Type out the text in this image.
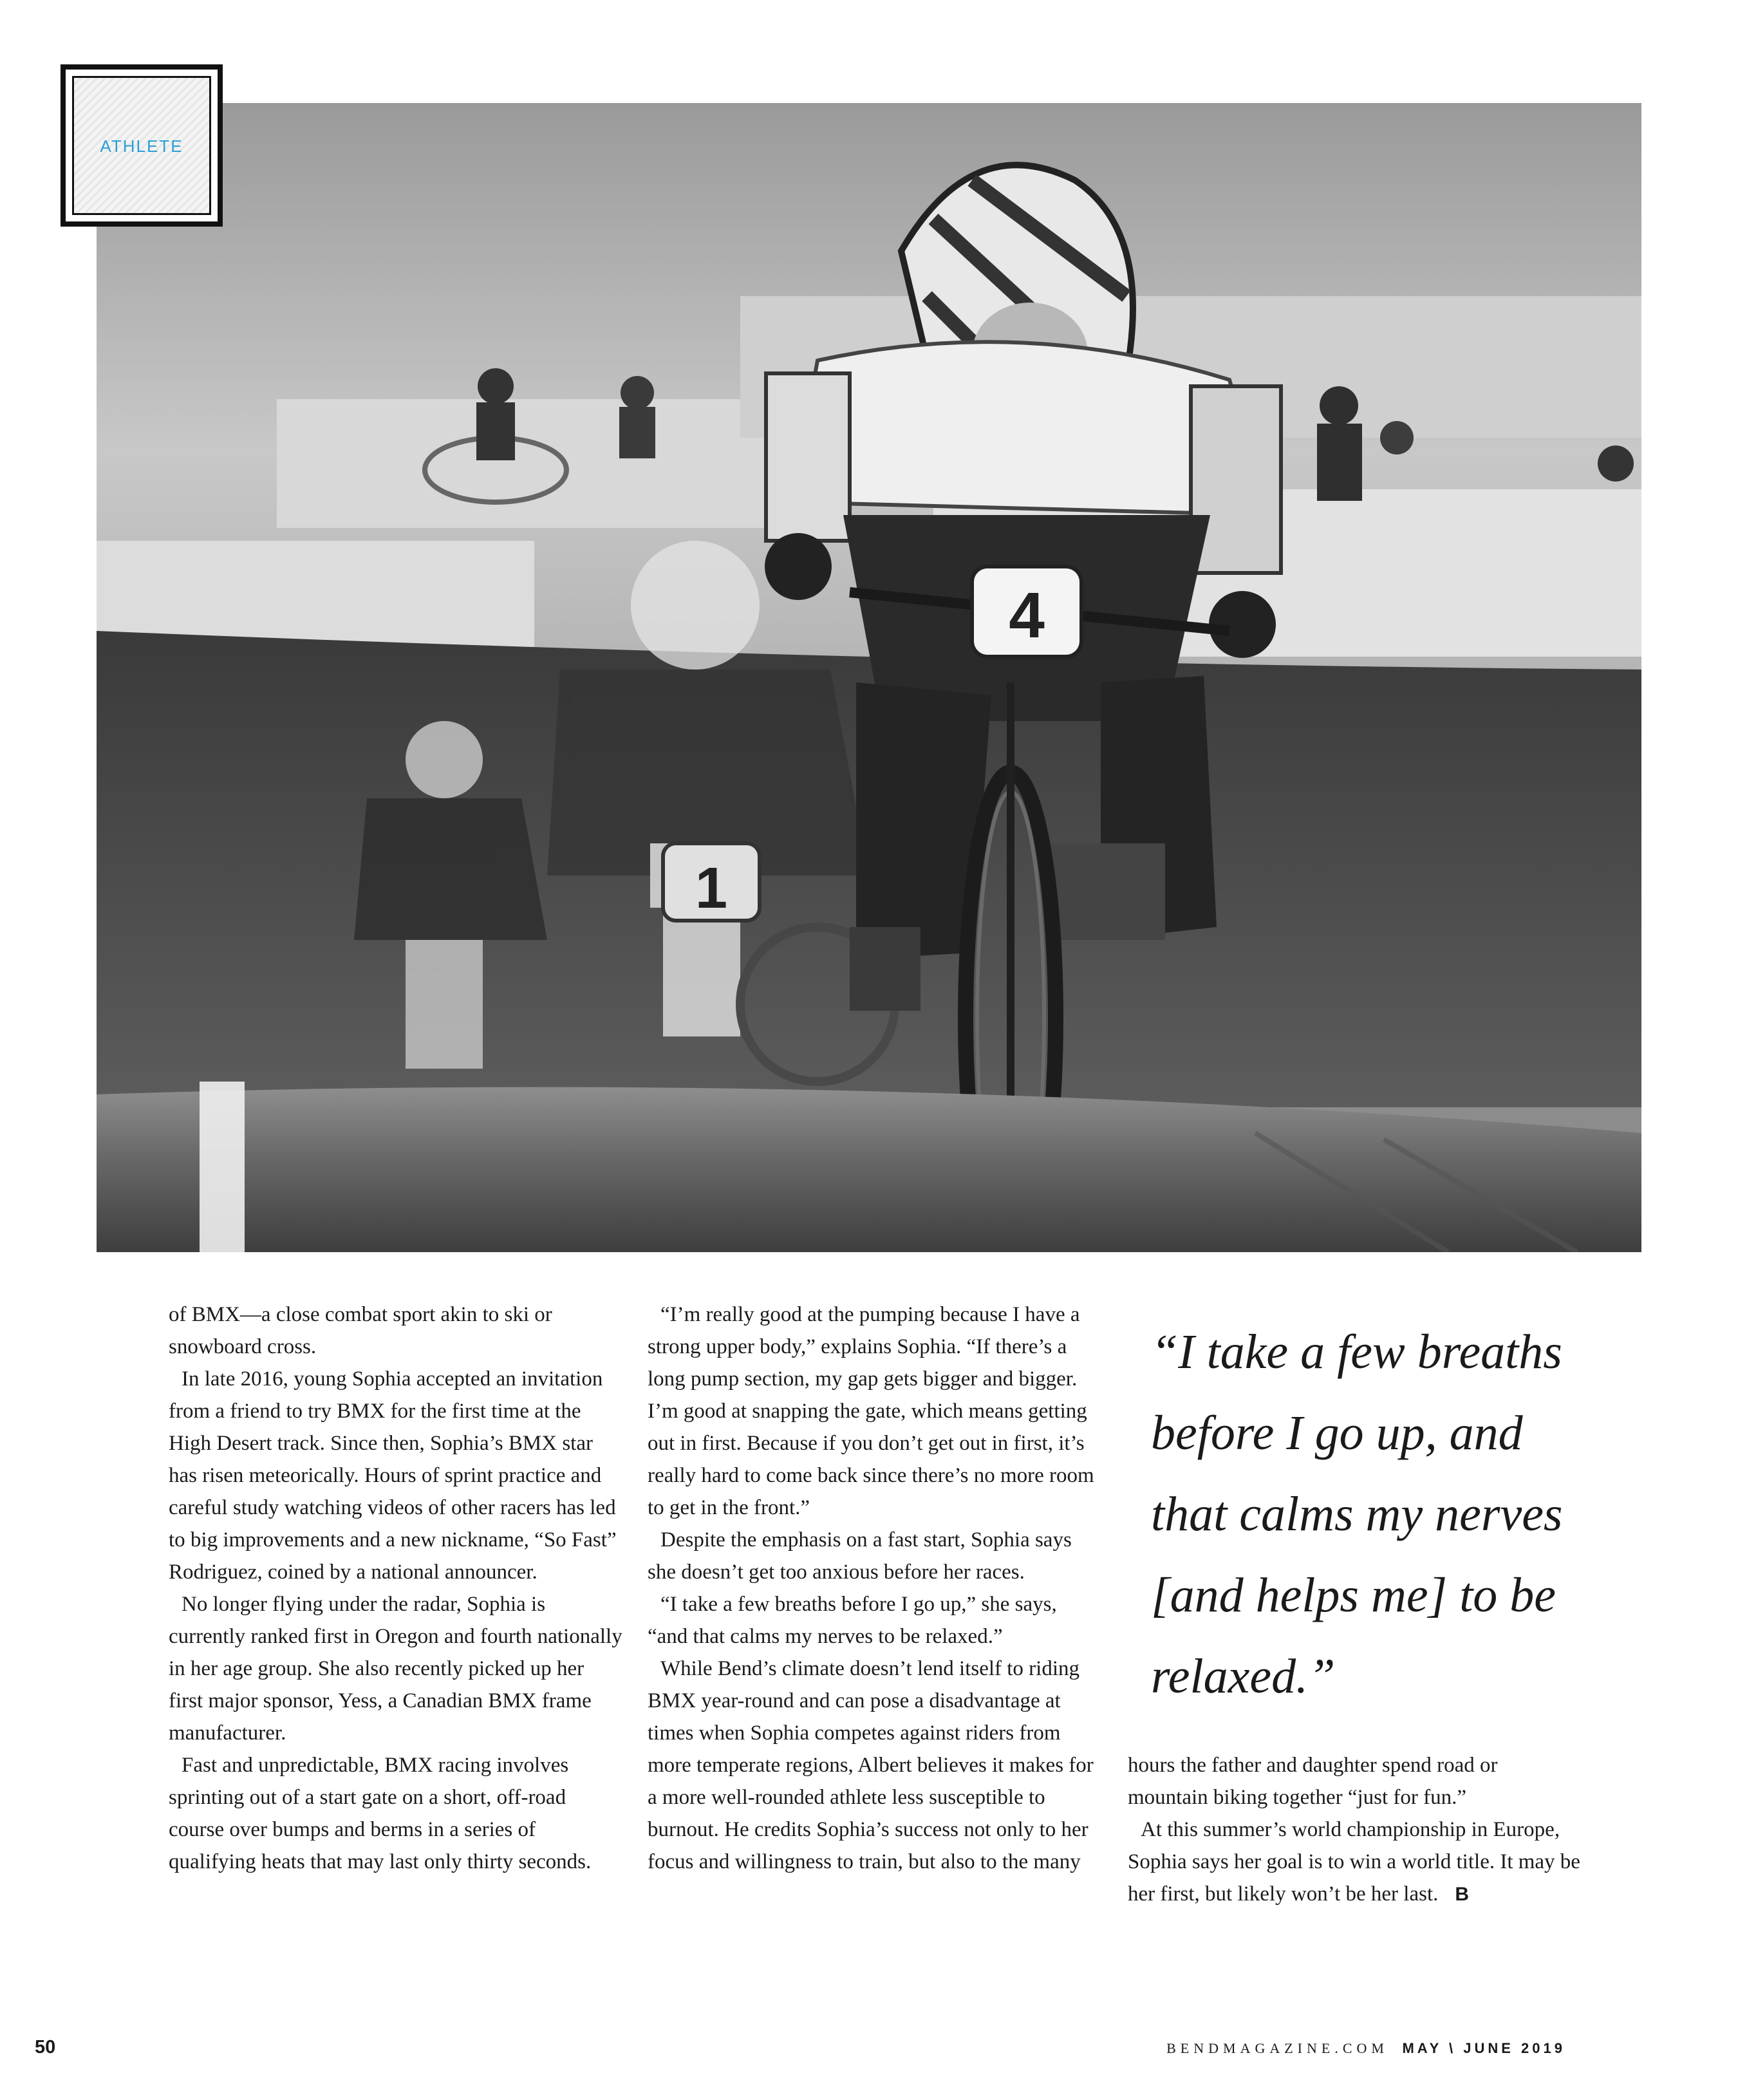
4
1
ATHLETE

of BMX—a close combat sport akin to ski or snowboard cross.

In late 2016, young Sophia accepted an invitation from a friend to try BMX for the first time at the High Desert track. Since then, Sophia’s BMX star has risen meteorically. Hours of sprint practice and careful study watching videos of other racers has led to big improvements and a new nickname, “So Fast” Rodriguez, coined by a national announcer.

No longer flying under the radar, Sophia is currently ranked first in Oregon and fourth nationally in her age group. She also recently picked up her first major sponsor, Yess, a Canadian BMX frame manufacturer.

Fast and unpredictable, BMX racing involves sprinting out of a start gate on a short, off-road course over bumps and berms in a series of qualifying heats that may last only thirty seconds.

“I’m really good at the pumping because I have a strong upper body,” explains Sophia. “If there’s a long pump section, my gap gets bigger and bigger. I’m good at snapping the gate, which means getting out in first. Because if you don’t get out in first, it’s really hard to come back since there’s no more room to get in the front.”

Despite the emphasis on a fast start, Sophia says she doesn’t get too anxious before her races.

“I take a few breaths before I go up,” she says, “and that calms my nerves to be relaxed.”

While Bend’s climate doesn’t lend itself to riding BMX year-round and can pose a disadvantage at times when Sophia competes against riders from more temperate regions, Albert believes it makes for a more well-rounded athlete less susceptible to burnout. He credits Sophia’s success not only to her focus and willingness to train, but also to the many

“I take a few breaths before I go up, and that calms my nerves [and helps me] to be relaxed.”

hours the father and daughter spend road or mountain biking together “just for fun.”

At this summer’s world championship in Europe, Sophia says her goal is to win a world title. It may be her first, but likely won’t be her last. B

50	BENDMAGAZINE.COM MAY \ JUNE 2019
